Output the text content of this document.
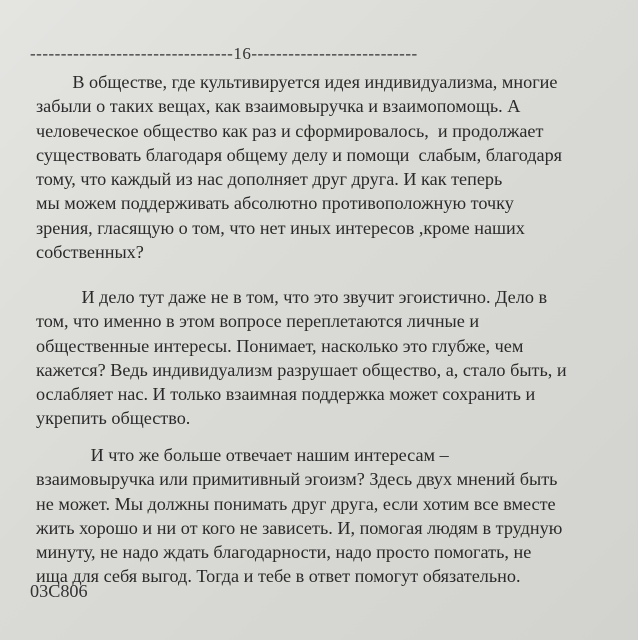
---------------------------------16---------------------------
В обществе, где культивируется идея индивидуализма, многие
забыли о таких вещах, как взаимовыручка и взаимопомощь. А
человеческое общество как раз и сформировалось,  и продолжает
существовать благодаря общему делу и помощи  слабым, благодаря
тому, что каждый из нас дополняет друг друга. И как теперь
мы можем поддерживать абсолютно противоположную точку
зрения, гласящую о том, что нет иных интересов ,кроме наших
собственных?
И дело тут даже не в том, что это звучит эгоистично. Дело в
том, что именно в этом вопросе переплетаются личные и
общественные интересы. Понимает, насколько это глубже, чем
кажется? Ведь индивидуализм разрушает общество, а, стало быть, и
ослабляет нас. И только взаимная поддержка может сохранить и
укрепить общество.
И что же больше отвечает нашим интересам –
взаимовыручка или примитивный эгоизм? Здесь двух мнений быть
не может. Мы должны понимать друг друга, если хотим все вместе
жить хорошо и ни от кого не зависеть. И, помогая людям в трудную
минуту, не надо ждать благодарности, надо просто помогать, не
ища для себя выгод. Тогда и тебе в ответ помогут обязательно.
03С806
